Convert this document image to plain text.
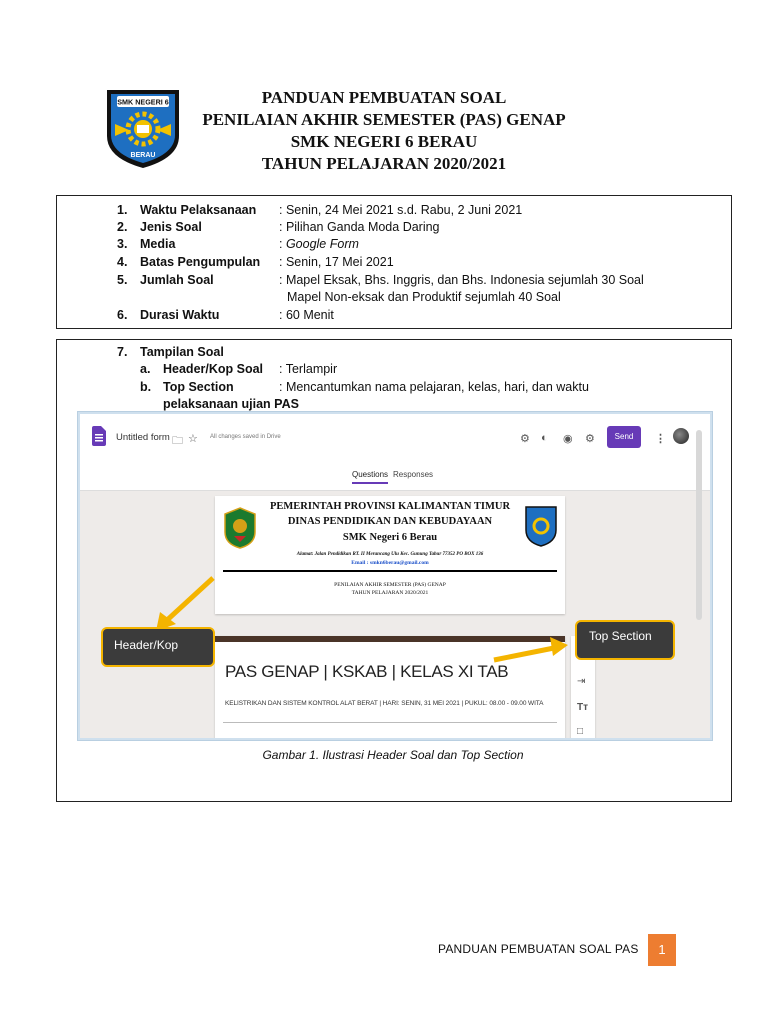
SMK NEGERI 6
BERAU
PANDUAN PEMBUATAN SOAL
PENILAIAN AKHIR SEMESTER (PAS) GENAP
SMK NEGERI 6 BERAU
TAHUN PELAJARAN 2020/2021
1. Waktu Pelaksanaan : Senin, 24 Mei 2021 s.d. Rabu, 2 Juni 2021
2. Jenis Soal	: Pilihan Ganda Moda Daring
3. Media	: Google Form
4. Batas Pengumpulan : Senin, 17 Mei 2021
5. Jumlah Soal	: Mapel Eksak, Bhs. Inggris, dan Bhs. Indonesia sejumlah 30 Soal
Mapel Non-eksak dan Produktif sejumlah 40 Soal
6. Durasi Waktu	: 60 Menit
7. Tampilan Soal
a. Header/Kop Soal : Terlampir
b. Top Section	: Mencantumkan nama pelajaran, kelas, hari, dan waktu
pelaksanaan ujian PAS
Untitled form 🗀 ☆ All changes saved in Drive	⚙ ◐ ◉ ⚙	Send	⋮
Questions Responses
PEMERINTAH PROVINSI KALIMANTAN TIMUR
DINAS PENDIDIKAN DAN KEBUDAYAAN
SMK Negeri 6 Berau
Alamat: Jalan Pendidikan RT. II Merancang Ulu Kec. Gunung Tabur 77352 PO BOX 136
Email : smkn6berau@gmail.com
PENILAIAN AKHIR SEMESTER (PAS) GENAP
TAHUN PELAJARAN 2020/2021
PAS GENAP | KSKAB | KELAS XI TAB
KELISTRIKAN DAN SISTEM KONTROL ALAT BERAT | HARI: SENIN, 31 MEI 2021 | PUKUL: 08.00 - 09.00 WITA
⇥
Tт
□
Header/Kop
Top Section
Gambar 1. Ilustrasi Header Soal dan Top Section
PANDUAN PEMBUATAN SOAL PAS	1
